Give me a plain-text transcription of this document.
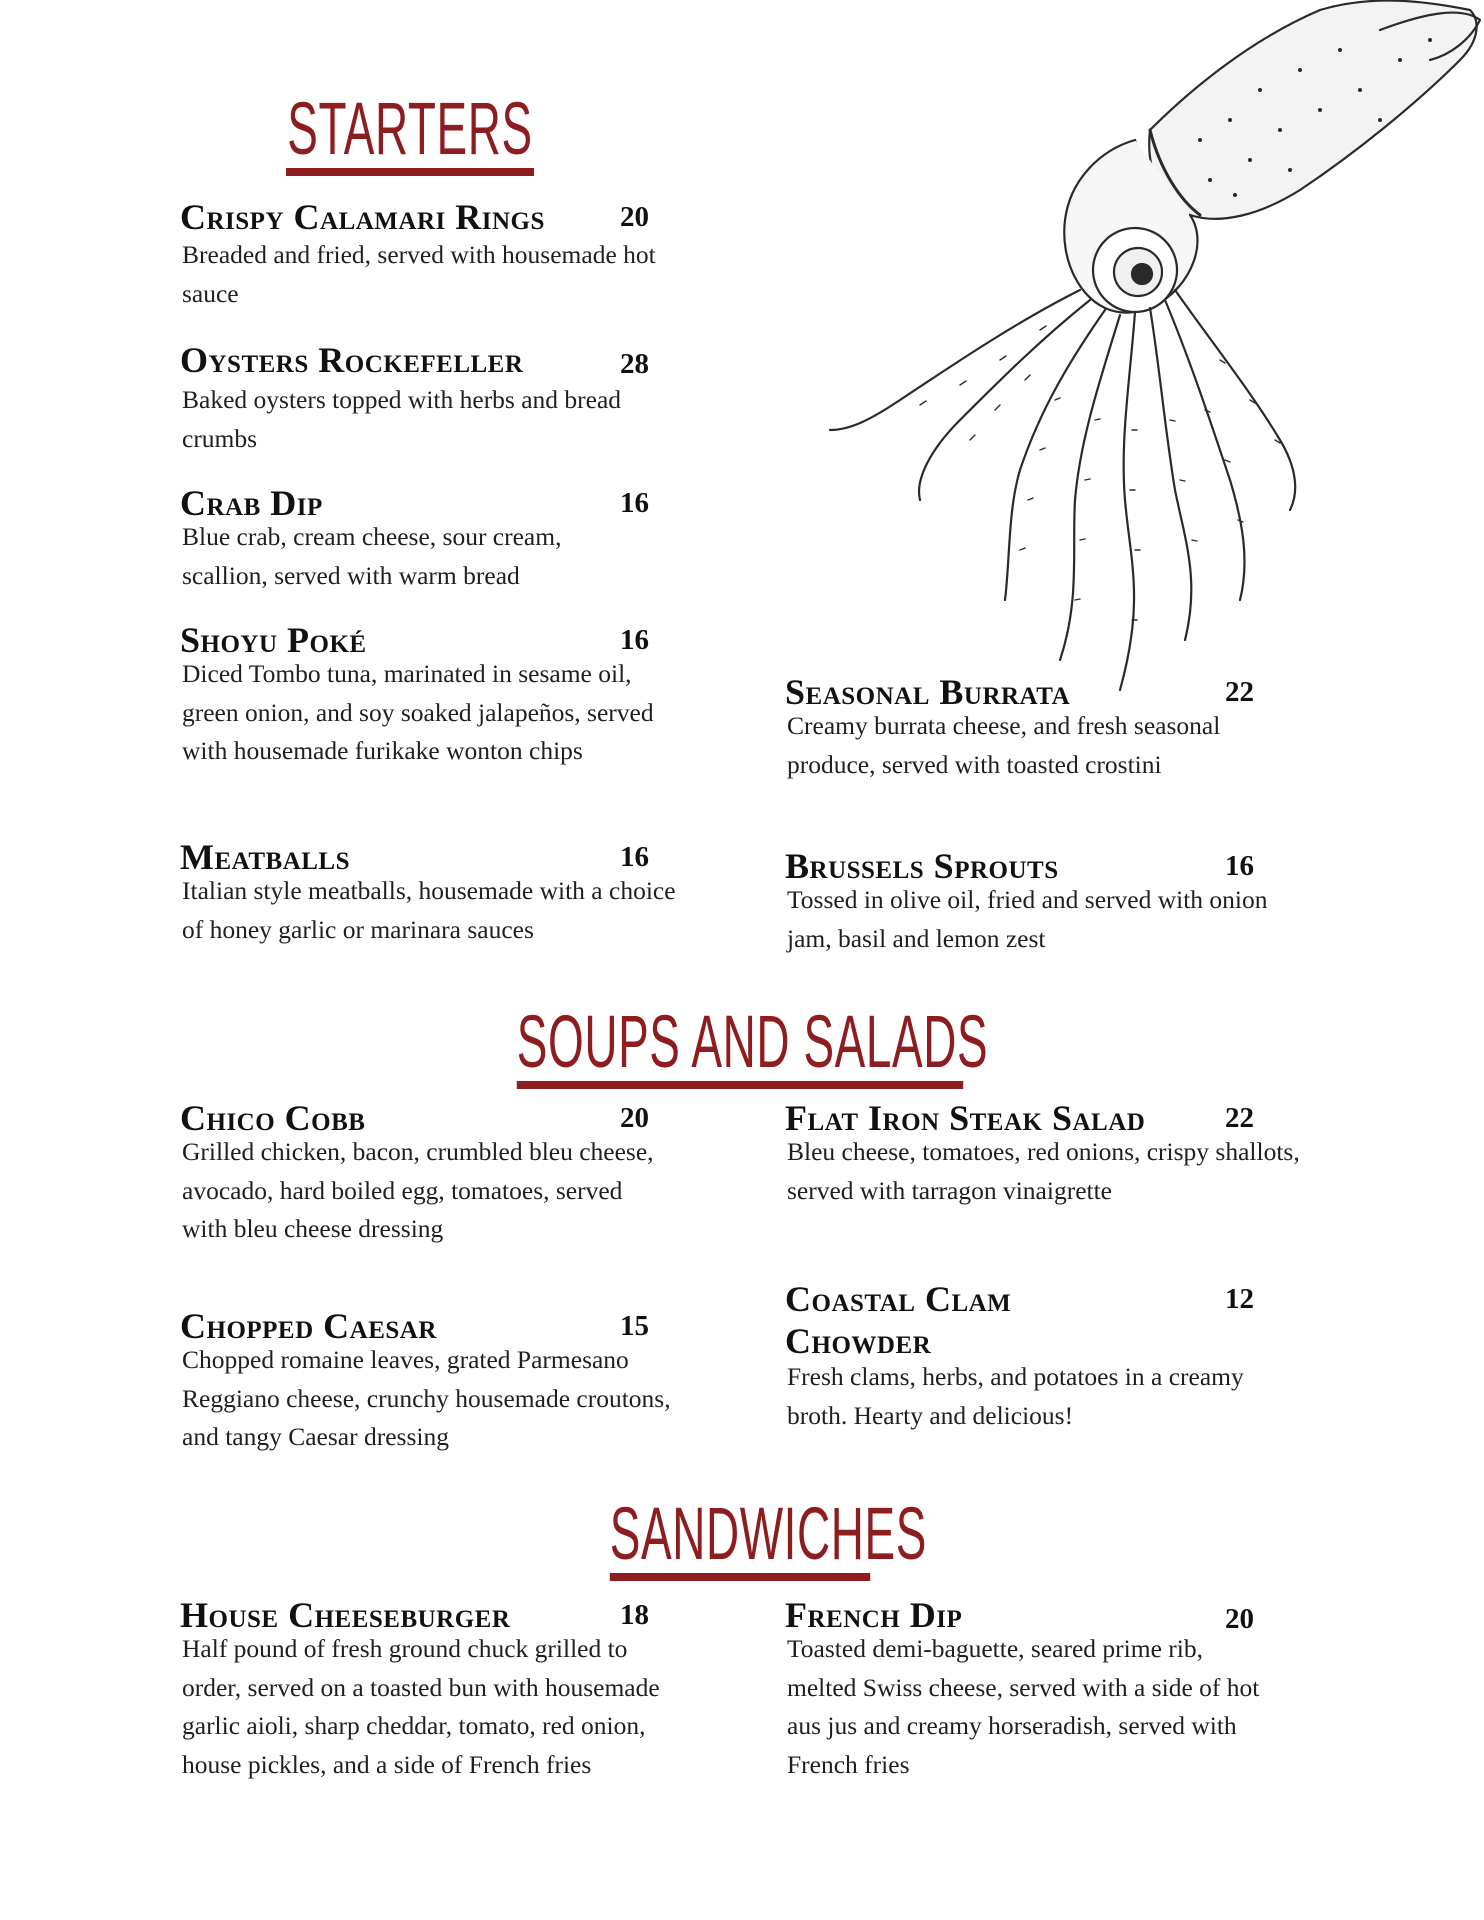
STARTERS
Crispy Calamari Rings	20
Breaded and fried, served with housemade hot sauce
Oysters Rockefeller	28
Baked oysters topped with herbs and bread crumbs
Crab Dip	16
Blue crab, cream cheese, sour cream, scallion, served with warm bread
Shoyu Poké	16
Diced Tombo tuna, marinated in sesame oil, green onion, and soy soaked jalapeños, served with housemade furikake wonton chips
Meatballs	16
Italian style meatballs, housemade with a choice of honey garlic or marinara sauces
Seasonal Burrata	22
Creamy burrata cheese, and fresh seasonal produce, served with toasted crostini
Brussels Sprouts	16
Tossed in olive oil, fried and served with onion jam, basil and lemon zest
SOUPS AND SALADS
Chico Cobb	20
Grilled chicken, bacon, crumbled bleu cheese, avocado, hard boiled egg, tomatoes, served with bleu cheese dressing
Chopped Caesar	15
Chopped romaine leaves, grated Parmesano Reggiano cheese, crunchy housemade croutons, and tangy Caesar dressing
Flat Iron Steak Salad	22
Bleu cheese, tomatoes, red onions, crispy shallots, served with tarragon vinaigrette
Coastal Clam Chowder
12
Fresh clams, herbs, and potatoes in a creamy broth. Hearty and delicious!
SANDWICHES
House Cheeseburger	18
Half pound of fresh ground chuck grilled to order, served on a toasted bun with housemade garlic aioli, sharp cheddar, tomato, red onion, house pickles, and a side of French fries
French Dip	20
Toasted demi-baguette, seared prime rib, melted Swiss cheese, served with a side of hot aus jus and creamy horseradish, served with French fries
